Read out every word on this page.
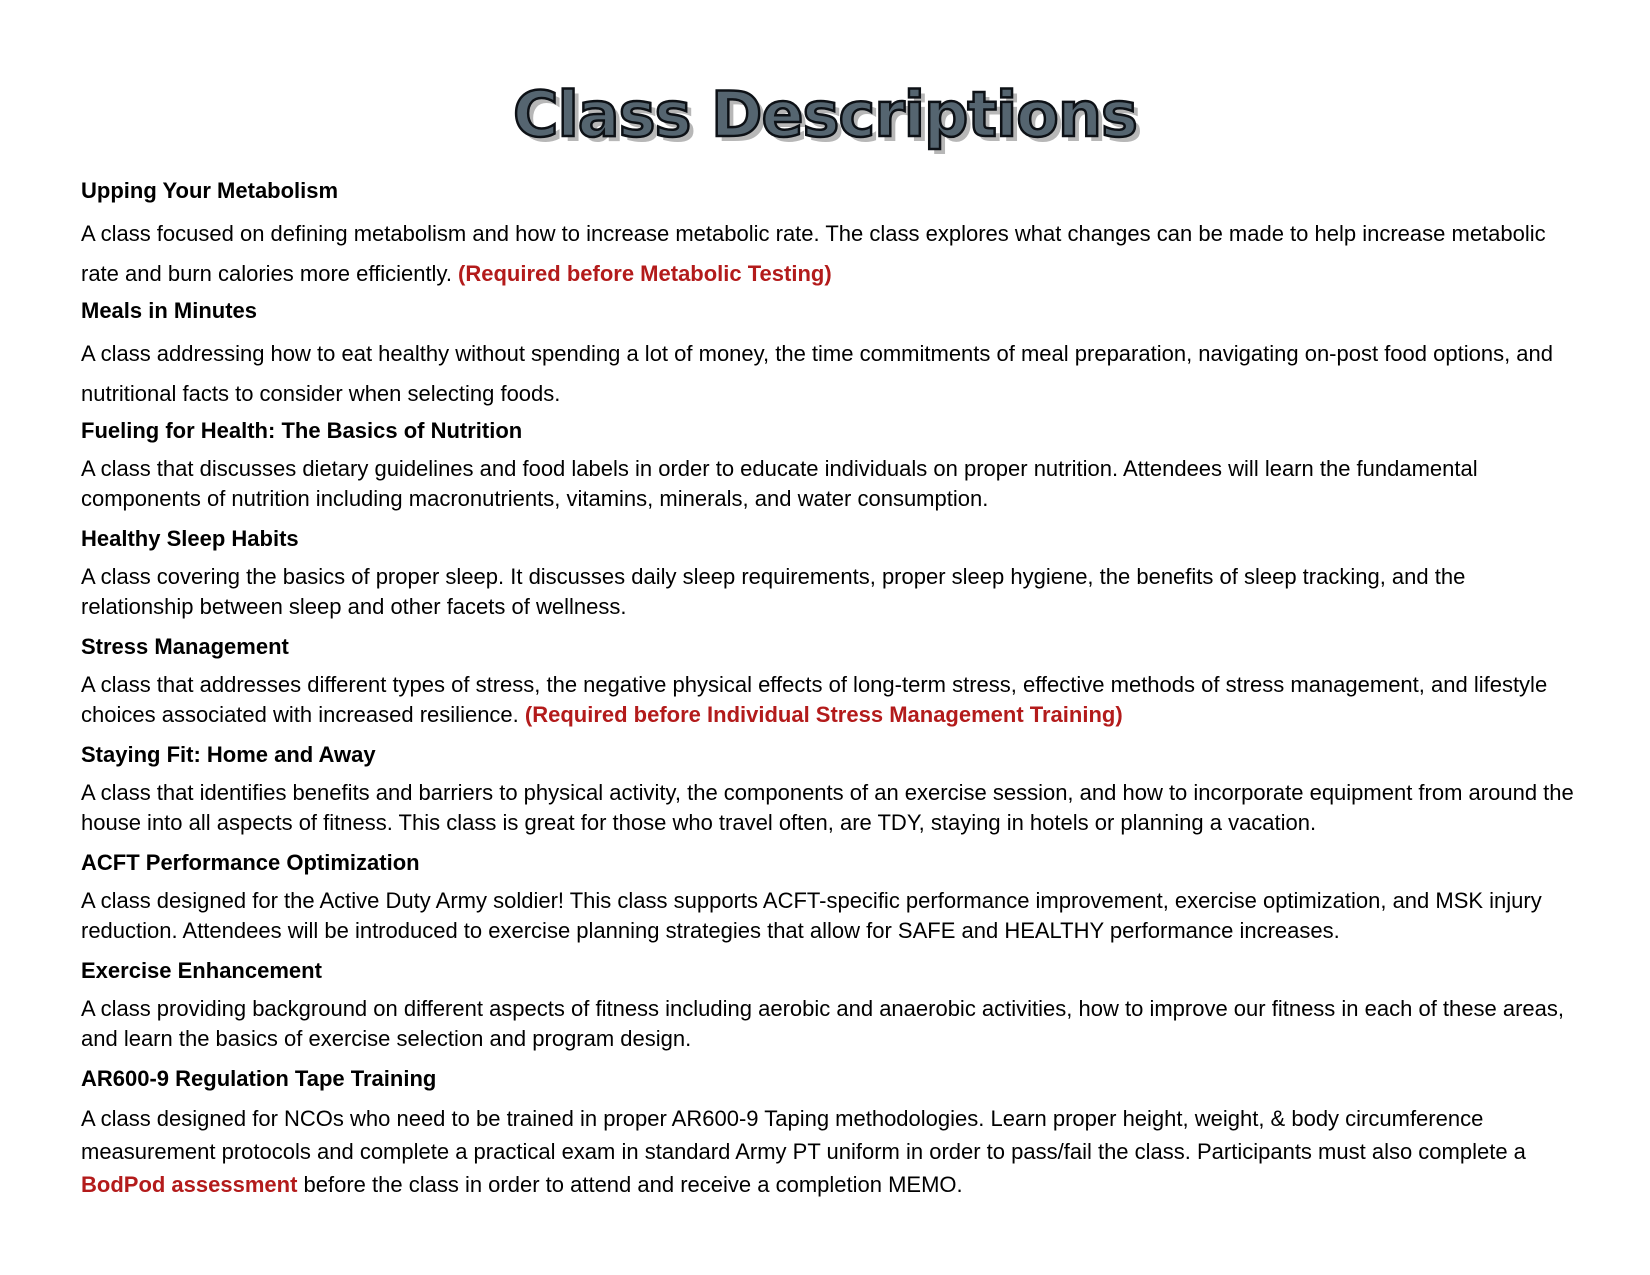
Class Descriptions
Upping Your Metabolism
A class focused on defining metabolism and how to increase metabolic rate. The class explores what changes can be made to help increase metabolic rate and burn calories more efficiently. (Required before Metabolic Testing)
Meals in Minutes
A class addressing how to eat healthy without spending a lot of money, the time commitments of meal preparation, navigating on-post food options, and nutritional facts to consider when selecting foods.
Fueling for Health: The Basics of Nutrition
A class that discusses dietary guidelines and food labels in order to educate individuals on proper nutrition. Attendees will learn the fundamental components of nutrition including macronutrients, vitamins, minerals, and water consumption.
Healthy Sleep Habits
A class covering the basics of proper sleep. It discusses daily sleep requirements, proper sleep hygiene, the benefits of sleep tracking, and the relationship between sleep and other facets of wellness.
Stress Management
A class that addresses different types of stress, the negative physical effects of long-term stress, effective methods of stress management, and lifestyle choices associated with increased resilience. (Required before Individual Stress Management Training)
Staying Fit: Home and Away
A class that identifies benefits and barriers to physical activity, the components of an exercise session, and how to incorporate equipment from around the house into all aspects of fitness. This class is great for those who travel often, are TDY, staying in hotels or planning a vacation.
ACFT Performance Optimization
A class designed for the Active Duty Army soldier! This class supports ACFT-specific performance improvement, exercise optimization, and MSK injury reduction. Attendees will be introduced to exercise planning strategies that allow for SAFE and HEALTHY performance increases.
Exercise Enhancement
A class providing background on different aspects of fitness including aerobic and anaerobic activities, how to improve our fitness in each of these areas, and learn the basics of exercise selection and program design.
AR600-9 Regulation Tape Training
A class designed for NCOs who need to be trained in proper AR600-9 Taping methodologies. Learn proper height, weight, & body circumference measurement protocols and complete a practical exam in standard Army PT uniform in order to pass/fail the class. Participants must also complete a BodPod assessment before the class in order to attend and receive a completion MEMO.
